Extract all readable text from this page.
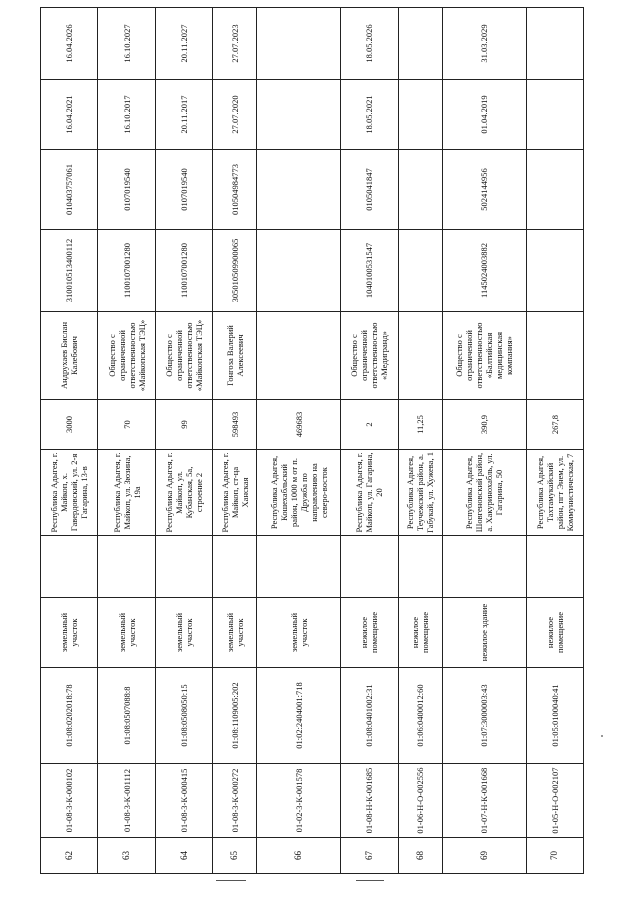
62	01-08-3-К-000102	01:08:0202018:78	земельный участок		Республика Адыгея, г. Майкоп, х. Гавердовский, ул. 2-я Гагарина, 13-в	3000	Андрухаев Бислан Калебович	310010513400112	010403757061	16.04.2021	16.04.2026
63	01-08-3-К-001112	01:08:0507088:8	земельный участок		Республика Адыгея, г. Майкоп, ул. Зюзина, 19а	70	Общество с ограниченной ответственностью «Майкопская ТЭЦ»	1100107001280	0107019540	16.10.2017	16.10.2027
64	01-08-3-К-000415	01:08:0508050:15	земельный участок		Республика Адыгея, г. Майкоп, ул. Кубанская, 5а, строение 2	99	Общество с ограниченной ответственностью «Майкопская ТЭЦ»	1100107001280	0107019540	20.11.2017	20.11.2027
65	01-08-3-К-000272	01:08:1109005:202	земельный участок		Республика Адыгея, г. Майкоп, ст-ца Ханская	598493	Гонгоза Валерий Алексеевич	305010509900065	010504984773	27.07.2020	27.07.2023
66	01-02-3-К-001578	01:02:2404001:718	земельный участок		Республика Адыгея, Кошехабльский район, 1000 м от п. Дружба по направлению на северо-восток	469683					
67	01-08-Н-К-001685	01:08:0401002:31	нежилое помещение		Республика Адыгея, г. Майкоп, ул. Гагарина, 20	2	Общество с ограниченной ответственностью «Медигранд»	1040100531547	0105041847	18.05.2021	18.05.2026
68	01-06-Н-О-002556	01:06:0400012:60	нежилое помещение		Республика Адыгея, Теучежский район, а. Габукай, ул. Хужева, 1	11,25					
69	01-07-Н-К-001668	01:07:3000003:43	нежилое здание		Республика Адыгея, Шовгеновский район, а. Хакуринохабль, ул. Гагарина, 50	390,9	Общество с ограниченной ответственностью «Балтийская медицинская компания»	1145024003882	5024144956	01.04.2019	31.03.2029
70	01-05-Н-О-002107	01:05:0100040:41	нежилое помещение		Республика Адыгея, Тахтамукайский район, пгт Энем, ул. Коммунистическая, 7	267,8					
